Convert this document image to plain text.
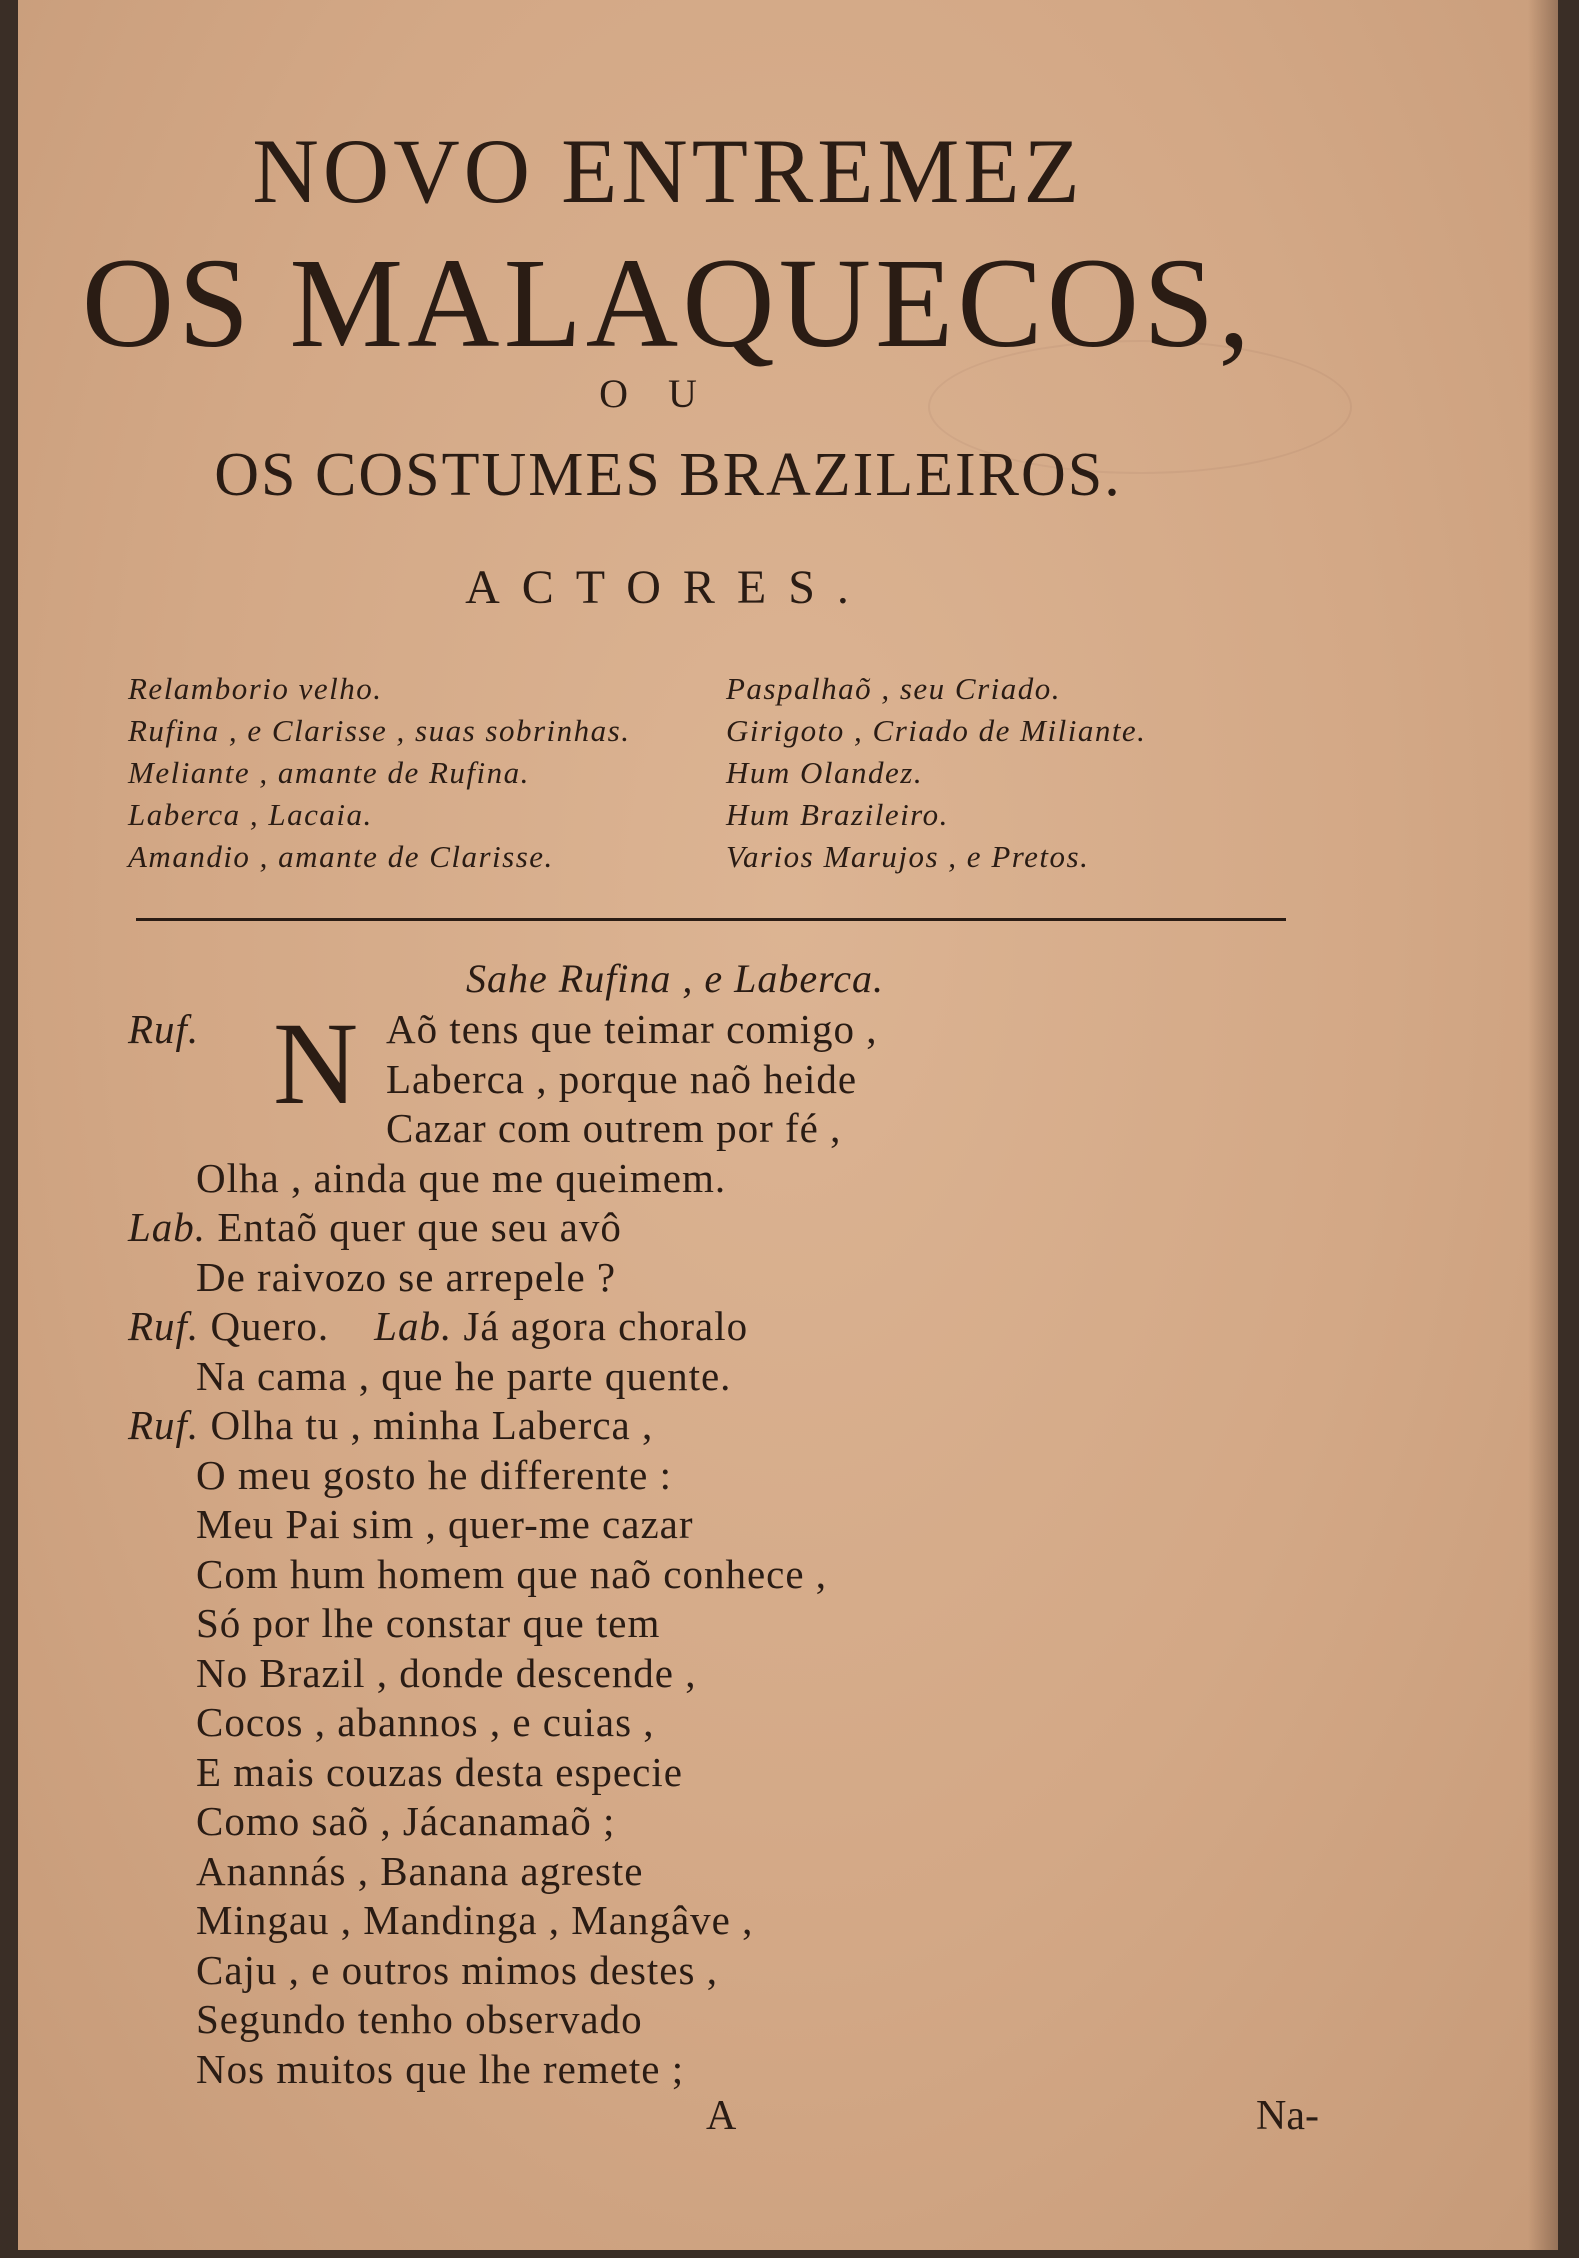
NOVO ENTREMEZ
OS MALAQUECOS,
OU
OS COSTUMES BRAZILEIROS.
ACTORES.
Relamborio velho.
Rufina , e Clarisse , suas sobrinhas.
Meliante , amante de Rufina.
Laberca , Lacaia.
Amandio , amante de Clarisse.
Paspalhaõ , seu Criado.
Girigoto , Criado de Miliante.
Hum Olandez.
Hum Brazileiro.
Varios Marujos , e Pretos.
Sahe Rufina , e Laberca.
Ruf. N Aõ tens que teimar comigo ,
Laberca , porque naõ heide
Cazar com outrem por fé ,
Olha , ainda que me queimem.
Lab. Entaõ quer que seu avô
De raivozo se arrepele ?
Ruf. Quero. Lab. Já agora choralo
Na cama , que he parte quente.
Ruf. Olha tu , minha Laberca ,
O meu gosto he differente :
Meu Pai sim , quer-me cazar
Com hum homem que naõ conhece ,
Só por lhe constar que tem
No Brazil , donde descende ,
Cocos , abannos , e cuias ,
E mais couzas desta especie
Como saõ , Jácanamaõ ;
Anannás , Banana agreste
Mingau , Mandinga , Mangâve ,
Caju , e outros mimos destes ,
Segundo tenho observado
Nos muitos que lhe remete ;
A	Na-
